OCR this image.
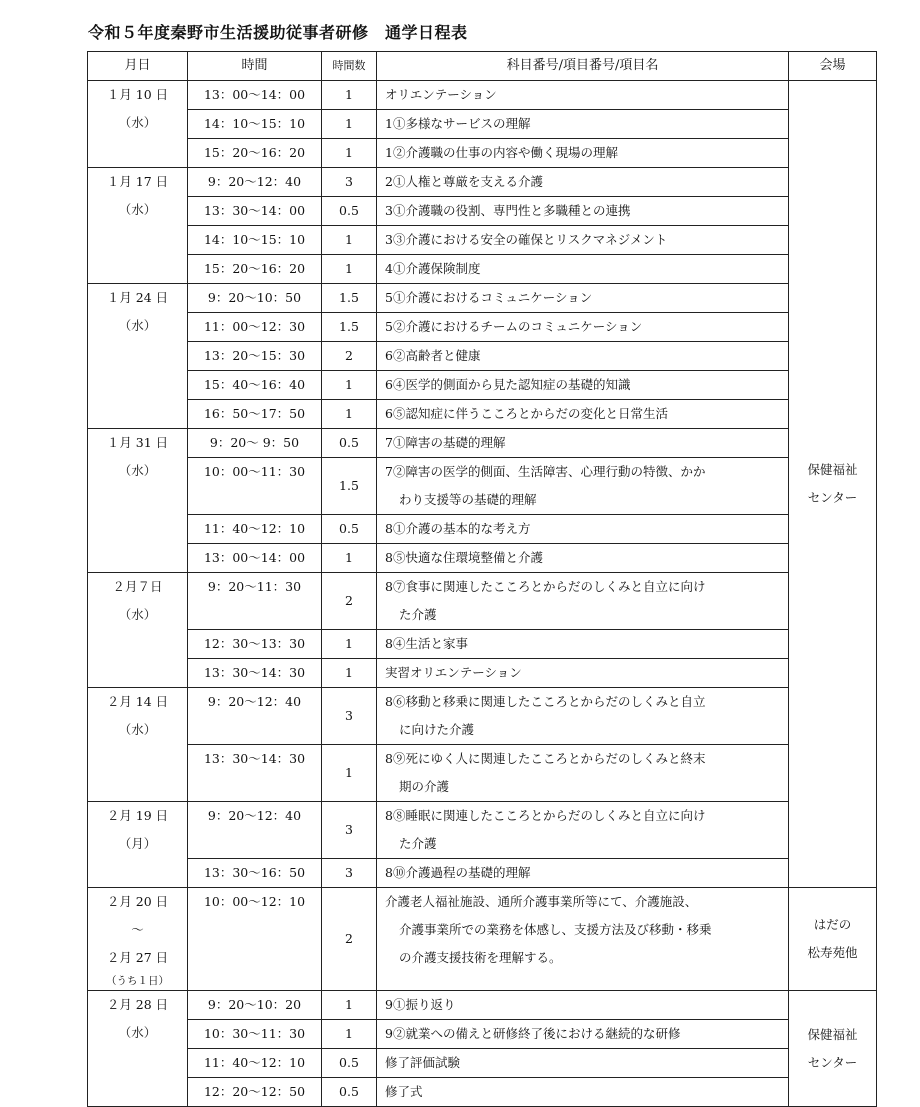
令和５年度秦野市生活援助従事者研修　通学日程表
月日	時間	時間数	科目番号/項目番号/項目名	会場

１月 10 日
（水）	13：00～14：00	1	オリエンテーション	保健福祉
センター

	14：10～15：10	1	1①多様なサービスの理解	

	15：20～16：20	1	1②介護職の仕事の内容や働く現場の理解	

１月 17 日
（水）	9：20～12：40	3	2①人権と尊厳を支える介護	

	13：30～14：00	0.5	3①介護職の役割、専門性と多職種との連携	

	14：10～15：10	1	3③介護における安全の確保とリスクマネジメント	

	15：20～16：20	1	4①介護保険制度	

１月 24 日
（水）	9：20～10：50	1.5	5①介護におけるコミュニケーション	

	11：00～12：30	1.5	5②介護におけるチームのコミュニケーション	

	13：20～15：30	2	6②高齢者と健康	

	15：40～16：40	1	6④医学的側面から見た認知症の基礎的知識	

	16：50～17：50	1	6⑤認知症に伴うこころとからだの変化と日常生活	

１月 31 日
（水）	9：20～ 9：50	0.5	7①障害の基礎的理解	

	10：00～11：30	1.5	7②障害の医学的側面、生活障害、心理行動の特徴、かか
わり支援等の基礎的理解	

	11：40～12：10	0.5	8①介護の基本的な考え方	

	13：00～14：00	1	8⑤快適な住環境整備と介護	

２月７日
（水）	9：20～11：30	2	8⑦食事に関連したこころとからだのしくみと自立に向け
た介護	

	12：30～13：30	1	8④生活と家事	

	13：30～14：30	1	実習オリエンテーション	

２月 14 日
（水）	9：20～12：40	3	8⑥移動と移乗に関連したこころとからだのしくみと自立
に向けた介護	

	13：30～14：30	1	8⑨死にゆく人に関連したこころとからだのしくみと終末
期の介護	

２月 19 日
（月）	9：20～12：40	3	8⑧睡眠に関連したこころとからだのしくみと自立に向け
た介護	

	13：30～16：50	3	8⑩介護過程の基礎的理解	

２月 20 日
～
２月 27 日
（うち１日）	10：00～12：10	2	介護老人福祉施設、通所介護事業所等にて、介護施設、
介護事業所での業務を体感し、支援方法及び移動・移乗
の介護支援技術を理解する。	はだの
松寿苑他

２月 28 日
（水）	9：20～10：20	1	9①振り返り	保健福祉
センター

	10：30～11：30	1	9②就業への備えと研修終了後における継続的な研修	

	11：40～12：10	0.5	修了評価試験	

	12：20～12：50	0.5	修了式	
